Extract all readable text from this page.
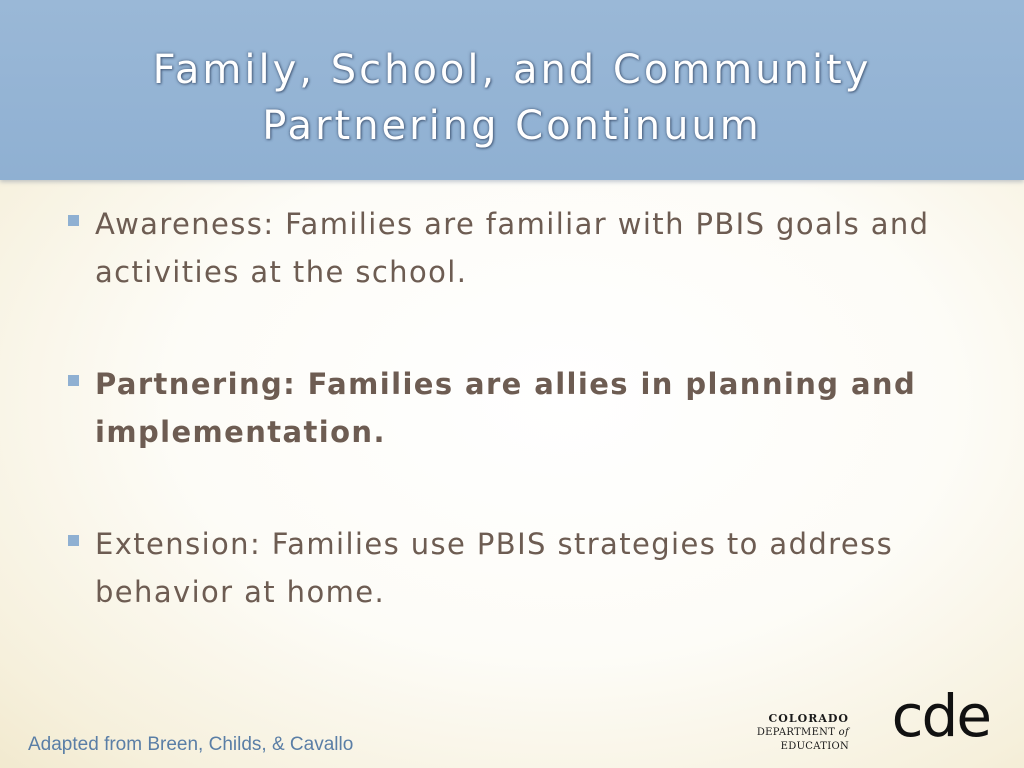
Family, School, and Community
Partnering Continuum
Awareness: Families are familiar with PBIS goals and activities at the school.
Partnering: Families are allies in planning and implementation.
Extension: Families use PBIS strategies to address behavior at home.
Adapted from Breen, Childs, & Cavallo
COLORADO
DEPARTMENT of EDUCATION cde
